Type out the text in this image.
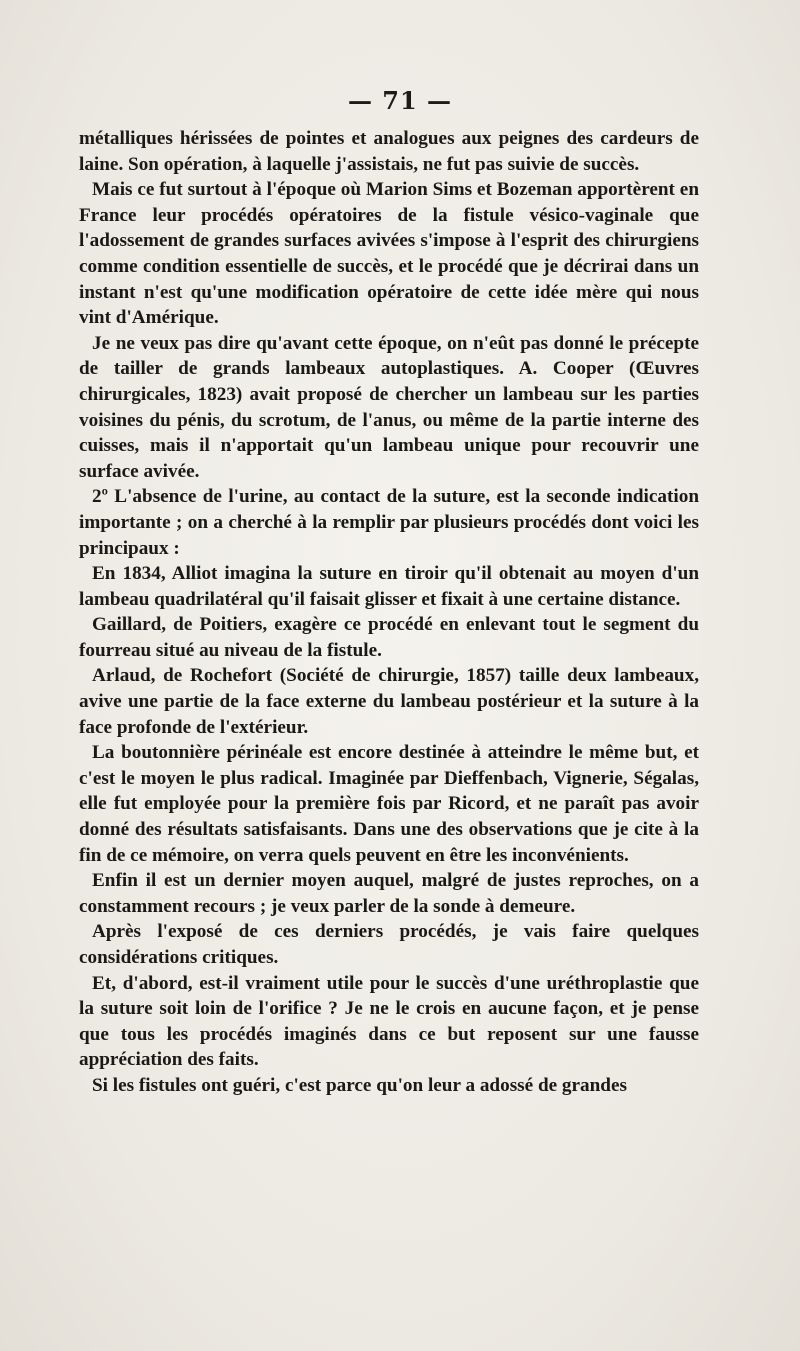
— 71 —

métalliques hérissées de pointes et analogues aux peignes des cardeurs de laine. Son opération, à laquelle j'assistais, ne fut pas suivie de succès.

Mais ce fut surtout à l'époque où Marion Sims et Bozeman apportèrent en France leur procédés opératoires de la fistule vésico-vaginale que l'adossement de grandes surfaces avivées s'impose à l'esprit des chirurgiens comme condition essentielle de succès, et le procédé que je décrirai dans un instant n'est qu'une modification opératoire de cette idée mère qui nous vint d'Amérique.

Je ne veux pas dire qu'avant cette époque, on n'eût pas donné le précepte de tailler de grands lambeaux autoplastiques. A. Cooper (Œuvres chirurgicales, 1823) avait proposé de chercher un lambeau sur les parties voisines du pénis, du scrotum, de l'anus, ou même de la partie interne des cuisses, mais il n'apportait qu'un lambeau unique pour recouvrir une surface avivée.

2º L'absence de l'urine, au contact de la suture, est la seconde indication importante ; on a cherché à la remplir par plusieurs procédés dont voici les principaux :

En 1834, Alliot imagina la suture en tiroir qu'il obtenait au moyen d'un lambeau quadrilatéral qu'il faisait glisser et fixait à une certaine distance.

Gaillard, de Poitiers, exagère ce procédé en enlevant tout le segment du fourreau situé au niveau de la fistule.

Arlaud, de Rochefort (Société de chirurgie, 1857) taille deux lambeaux, avive une partie de la face externe du lambeau postérieur et la suture à la face profonde de l'extérieur.

La boutonnière périnéale est encore destinée à atteindre le même but, et c'est le moyen le plus radical. Imaginée par Dieffenbach, Vignerie, Ségalas, elle fut employée pour la première fois par Ricord, et ne paraît pas avoir donné des résultats satisfaisants. Dans une des observations que je cite à la fin de ce mémoire, on verra quels peuvent en être les inconvénients.

Enfin il est un dernier moyen auquel, malgré de justes reproches, on a constamment recours ; je veux parler de la sonde à demeure.

Après l'exposé de ces derniers procédés, je vais faire quelques considérations critiques.

Et, d'abord, est-il vraiment utile pour le succès d'une uréthroplastie que la suture soit loin de l'orifice ? Je ne le crois en aucune façon, et je pense que tous les procédés imaginés dans ce but reposent sur une fausse appréciation des faits.

Si les fistules ont guéri, c'est parce qu'on leur a adossé de grandes
